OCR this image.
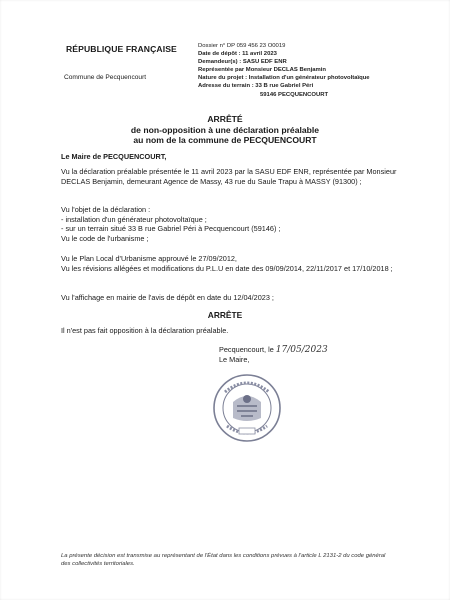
RÉPUBLIQUE FRANÇAISE
Commune de Pecquencourt
Dossier n° DP 059 456 23 O0019
Date de dépôt : 11 avril 2023
Demandeur(s) : SASU EDF ENR
Représentée par Monsieur DECLAS Benjamin
Nature du projet : Installation d'un générateur photovoltaïque
Adresse du terrain : 33 B rue Gabriel Péri
59146 PECQUENCOURT
ARRÊTÉ
de non-opposition à une déclaration préalable
au nom de la commune de PECQUENCOURT
Le Maire de PECQUENCOURT,

Vu la déclaration préalable présentée le 11 avril 2023 par la SASU EDF ENR, représentée par Monsieur DECLAS Benjamin, demeurant Agence de Massy, 43 rue du Saule Trapu à MASSY (91300) ;

Vu l'objet de la déclaration :

- installation d'un générateur photovoltaïque ;

- sur un terrain situé 33 B rue Gabriel Péri à Pecquencourt (59146) ;

Vu le code de l'urbanisme ;

Vu le Plan Local d'Urbanisme approuvé le 27/09/2012,

Vu les révisions allégées et modifications du P.L.U en date des 09/09/2014, 22/11/2017 et 17/10/2018 ;

Vu l'affichage en mairie de l'avis de dépôt en date du 12/04/2023 ;

ARRÊTE

Il n'est pas fait opposition à la déclaration préalable.

Pecquencourt, le 17/05/2023
Le Maire,
La présente décision est transmise au représentant de l'État dans les conditions prévues à l'article L 2131-2 du code général des collectivités territoriales.
